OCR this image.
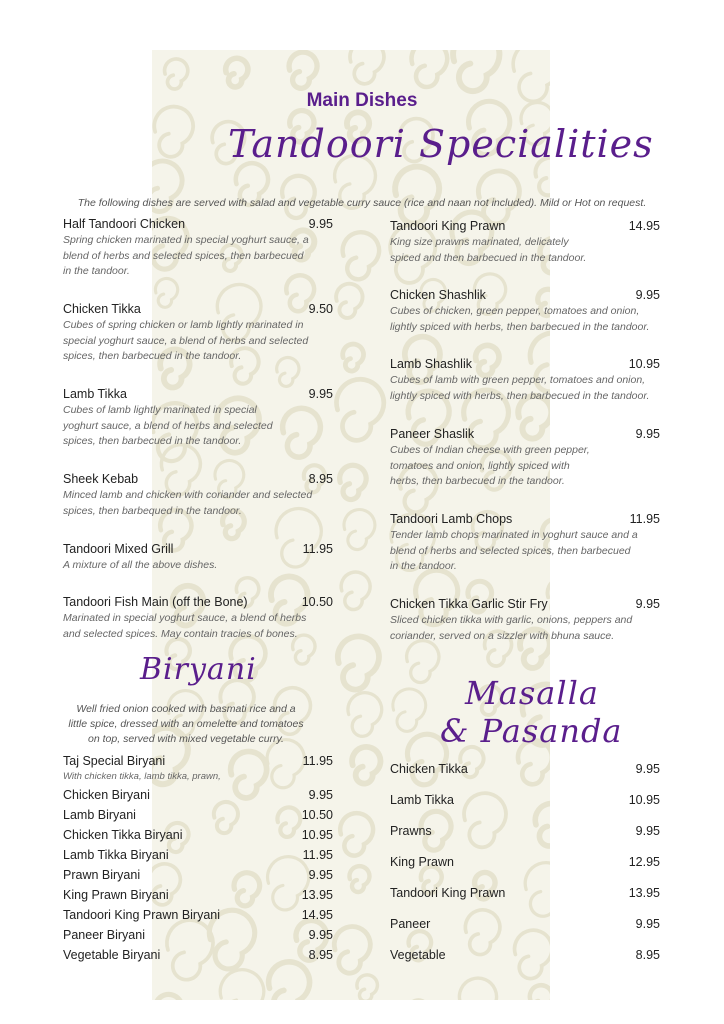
Main Dishes
Tandoori Specialities
The following dishes are served with salad and vegetable curry sauce (rice and naan not included). Mild or Hot on request.
Half Tandoori Chicken	9.95
Spring chicken marinated in special yoghurt sauce, a
blend of herbs and selected spices, then barbecued
in the tandoor.
Chicken Tikka	9.50
Cubes of spring chicken or lamb lightly marinated in
special yoghurt sauce, a blend of herbs and selected
spices, then barbecued in the tandoor.
Lamb Tikka	9.95
Cubes of lamb lightly marinated in special
yoghurt sauce, a blend of herbs and selected
spices, then barbecued in the tandoor.
Sheek Kebab	8.95
Minced lamb and chicken with coriander and selected
spices, then barbequed in the tandoor.
Tandoori Mixed Grill	11.95
A mixture of all the above dishes.
Tandoori Fish Main (off the Bone)	10.50
Marinated in special yoghurt sauce, a blend of herbs
and selected spices. May contain tracies of bones.
Tandoori King Prawn	14.95
King size prawns marinated, delicately
spiced and then barbecued in the tandoor.
Chicken Shashlik	9.95
Cubes of chicken, green pepper, tomatoes and onion,
lightly spiced with herbs, then barbecued in the tandoor.
Lamb Shashlik	10.95
Cubes of lamb with green pepper, tomatoes and onion,
lightly spiced with herbs, then barbecued in the tandoor.
Paneer Shaslik	9.95
Cubes of Indian cheese with green pepper,
tomatoes and onion, lightly spiced with
herbs, then barbecued in the tandoor.
Tandoori Lamb Chops	11.95
Tender lamb chops marinated in yoghurt sauce and a
blend of herbs and selected spices, then barbecued
in the tandoor.
Chicken Tikka Garlic Stir Fry	9.95
Sliced chicken tikka with garlic, onions, peppers and
coriander, served on a sizzler with bhuna sauce.
Biryani
Well fried onion cooked with basmati rice and a
little spice, dressed with an omelette and tomatoes
on top, served with mixed vegetable curry.
Taj Special Biryani	11.95
With chicken tikka, lamb tikka, prawn,
Chicken Biryani	9.95
Lamb Biryani	10.50
Chicken Tikka Biryani	10.95
Lamb Tikka Biryani	11.95
Prawn Biryani	9.95
King Prawn Biryani	13.95
Tandoori King Prawn Biryani	14.95
Paneer Biryani	9.95
Vegetable Biryani	8.95
Masalla
& Pasanda
Chicken Tikka	9.95
Lamb Tikka	10.95
Prawns	9.95
King Prawn	12.95
Tandoori King Prawn	13.95
Paneer	9.95
Vegetable	8.95
